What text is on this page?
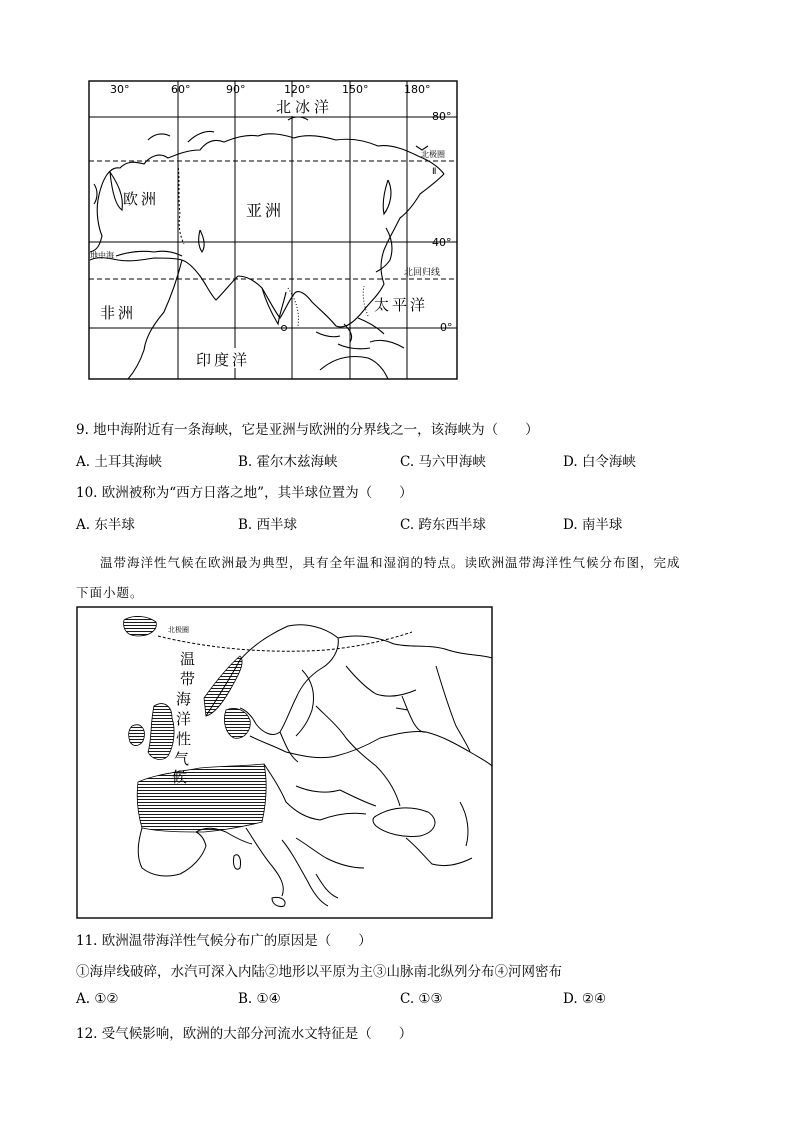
30°	60°	90°	120°	150°	180°
80°
40°
0°
北冰洋
北极圈
Ⅱ
北回归线
欧洲
亚洲
非洲	太平洋
印度洋
地中海
9. 地中海附近有一条海峡，它是亚洲与欧洲的分界线之一，该海峡为（　　）
A. 土耳其海峡	B. 霍尔木兹海峡	C. 马六甲海峡	D. 白令海峡
10. 欧洲被称为“西方日落之地”，其半球位置为（　　）
A. 东半球	B. 西半球	C. 跨东西半球	D. 南半球
温带海洋性气候在欧洲最为典型，具有全年温和湿润的特点。读欧洲温带海洋性气候分布图，完成
下面小题。
北极圈
温
带
海
洋
性
气
候
11. 欧洲温带海洋性气候分布广的原因是（　　）
①海岸线破碎，水汽可深入内陆②地形以平原为主③山脉南北纵列分布④河网密布
A. ①②	B. ①④	C. ①③	D. ②④
12. 受气候影响，欧洲的大部分河流水文特征是（　　）
